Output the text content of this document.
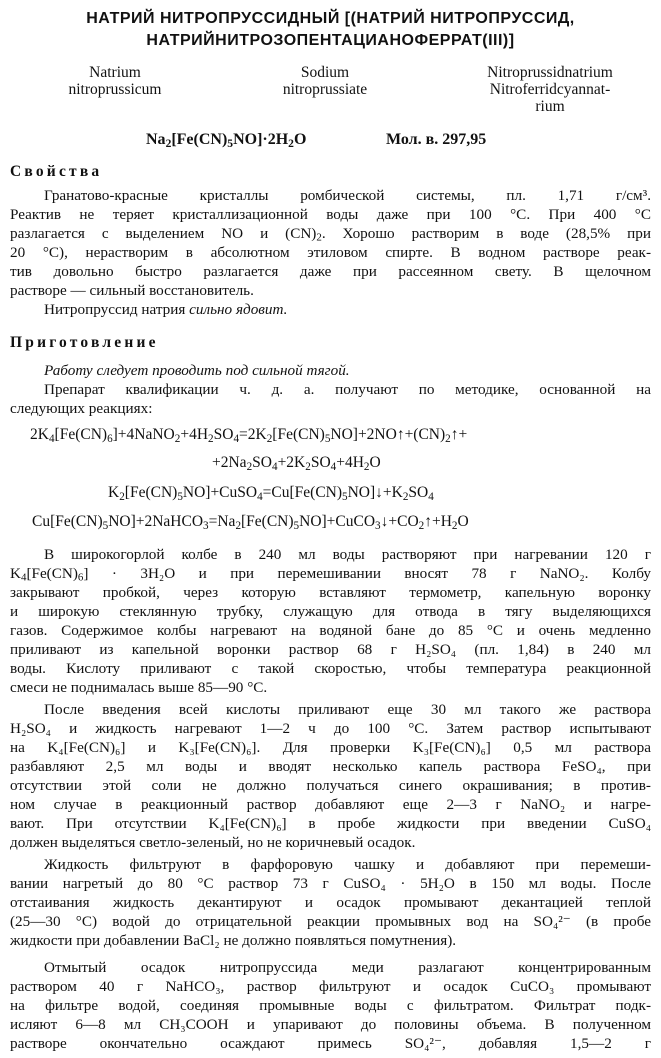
НАТРИЙ НИТРОПРУССИДНЫЙ [(НАТРИЙ НИТРОПРУССИД,
НАТРИЙНИТРОЗОПЕНТАЦИАНОФЕРРАТ(III)]
Natrium
nitroprussicum
Sodium
nitroprussiate
Nitroprussidnatrium
Nitroferridcyannat-
rium
$Na_2[Fe(CN)_5NO]\cdot 2H_2O$	Мол. в. 297,95
Свойства
Гранатово-красные кристаллы ромбической системы, пл. 1,71 г/см³.
Реактив не теряет кристаллизационной воды даже при 100 °С. При 400 °С
разлагается с выделением NO и $(CN)_2$. Хорошо растворим в воде (28,5% при
20 °С), нерастворим в абсолютном этиловом спирте. В водном растворе реак-
тив довольно быстро разлагается даже при рассеянном свету. В щелочном
растворе — сильный восстановитель.
Нитропруссид натрия сильно ядовит.
Приготовление
Работу следует проводить под сильной тягой.
Препарат квалификации ч. д. а. получают по методике, основанной на
следующих реакциях:
$2K_4[Fe(CN)_6]+4NaNO_2+4H_2SO_4=2K_2[Fe(CN)_5NO]+2NO↑+(CN)_2↑+$
$+2Na_2SO_4+2K_2SO_4+4H_2O$
$K_2[Fe(CN)_5NO]+CuSO_4=Cu[Fe(CN)_5NO]↓+K_2SO_4$
$Cu[Fe(CN)_5NO]+2NaHCO_3=Na_2[Fe(CN)_5NO]+CuCO_3↓+CO_2↑+H_2O$
В широкогорлой колбе в 240 мл воды растворяют при нагревании 120 г
$K_4[Fe(CN)_6] \cdot 3H_2O$ и при перемешивании вносят 78 г NaNO₂. Колбу
закрывают пробкой, через которую вставляют термометр, капельную воронку
и широкую стеклянную трубку, служащую для отвода в тягу выделяющихся
газов. Содержимое колбы нагревают на водяной бане до 85 °С и очень медленно
приливают из капельной воронки раствор 68 г H₂SO₄ (пл. 1,84) в 240 мл
воды. Кислоту приливают с такой скоростью, чтобы температура реакционной
смеси не поднималась выше 85—90 °С.
После введения всей кислоты приливают еще 30 мл такого же раствора
H₂SO₄ и жидкость нагревают 1—2 ч до 100 °С. Затем раствор испытывают
на K₄[Fe(CN)₆] и K₃[Fe(CN)₆]. Для проверки K₃[Fe(CN)₆] 0,5 мл раствора
разбавляют 2,5 мл воды и вводят несколько капель раствора FeSO₄, при
отсутствии этой соли не должно получаться синего окрашивания; в против-
ном случае в реакционный раствор добавляют еще 2—3 г NaNO₂ и нагре-
вают. При отсутствии K₄[Fe(CN)₆] в пробе жидкости при введении CuSO₄
должен выделяться светло-зеленый, но не коричневый осадок.
Жидкость фильтруют в фарфоровую чашку и добавляют при перемеши-
вании нагретый до 80 °С раствор 73 г CuSO₄ · 5H₂O в 150 мл воды. После
отстаивания жидкость декантируют и осадок промывают декантацией теплой
(25—30 °С) водой до отрицательной реакции промывных вод на SO₄²⁻ (в пробе
жидкости при добавлении BaCl₂ не должно появляться помутнения).
Отмытый осадок нитропруссида меди разлагают концентрированным
раствором 40 г NaHCO₃, раствор фильтруют и осадок CuCO₃ промывают
на фильтре водой, соединяя промывные воды с фильтратом. Фильтрат подк-
исляют 6—8 мл CH₃COOH и упаривают до половины объема. В полученном
растворе окончательно осаждают примесь SO₄²⁻, добавляя 1,5—2 г
